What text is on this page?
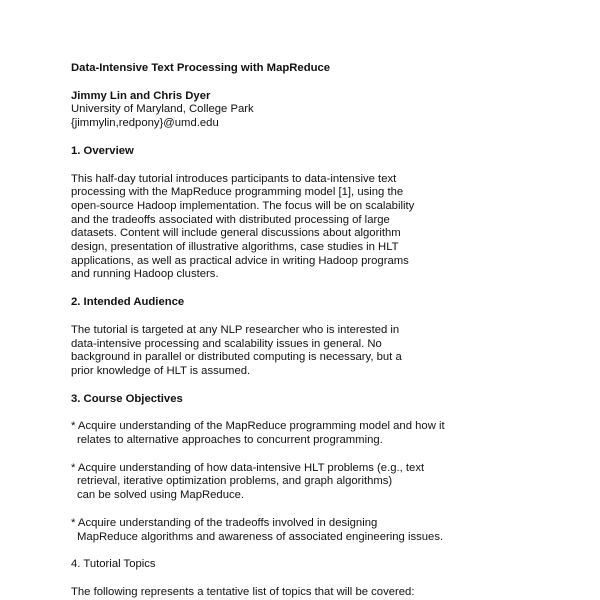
Data-Intensive Text Processing with MapReduce
Jimmy Lin and Chris Dyer
University of Maryland, College Park
{jimmylin,redpony}@umd.edu
1. Overview
This half-day tutorial introduces participants to data-intensive text
processing with the MapReduce programming model [1], using the
open-source Hadoop implementation. The focus will be on scalability
and the tradeoffs associated with distributed processing of large
datasets. Content will include general discussions about algorithm
design, presentation of illustrative algorithms, case studies in HLT
applications, as well as practical advice in writing Hadoop programs
and running Hadoop clusters.
2. Intended Audience
The tutorial is targeted at any NLP researcher who is interested in
data-intensive processing and scalability issues in general. No
background in parallel or distributed computing is necessary, but a
prior knowledge of HLT is assumed.
3. Course Objectives
* Acquire understanding of the MapReduce programming model and how it
relates to alternative approaches to concurrent programming.
* Acquire understanding of how data-intensive HLT problems (e.g., text
retrieval, iterative optimization problems, and graph algorithms)
can be solved using MapReduce.
* Acquire understanding of the tradeoffs involved in designing
MapReduce algorithms and awareness of associated engineering issues.
4. Tutorial Topics
The following represents a tentative list of topics that will be covered:
